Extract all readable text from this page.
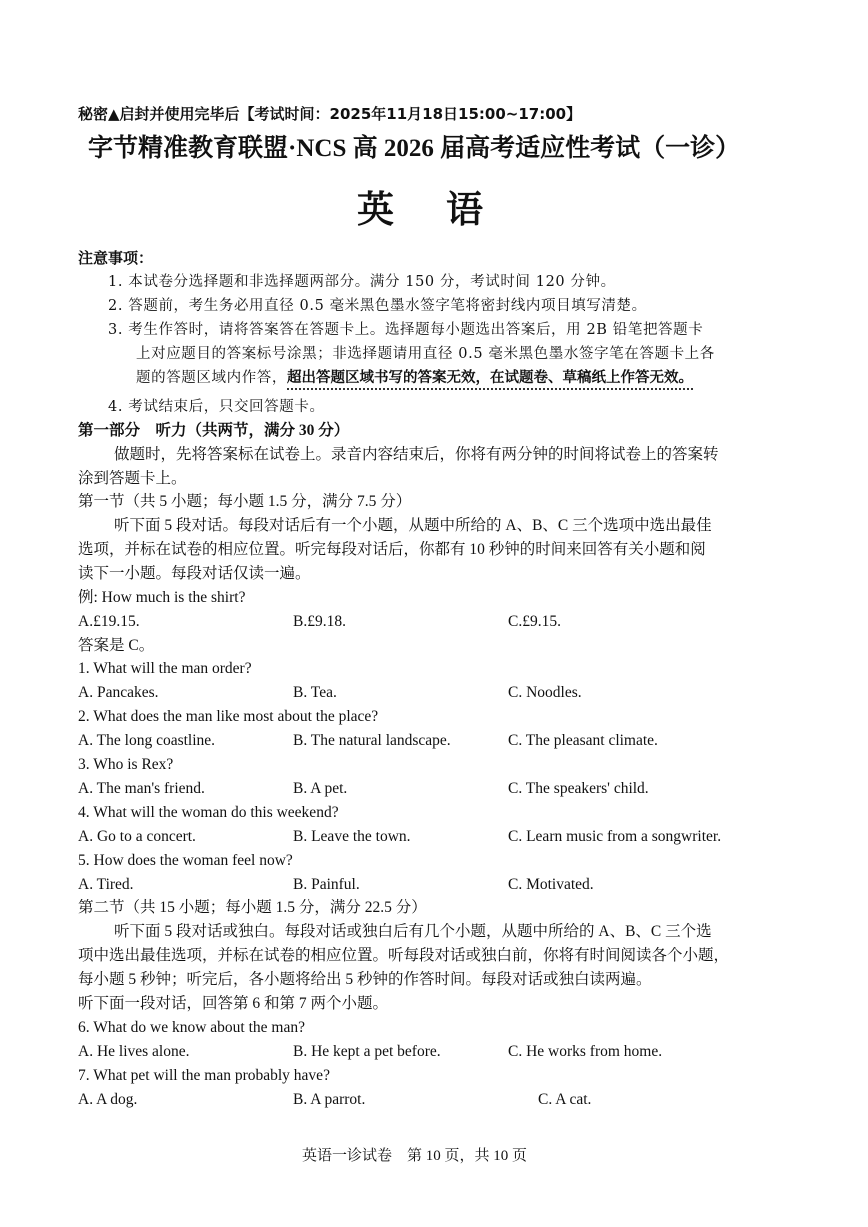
秘密▲启封并使用完毕后【考试时间：2025年11月18日15:00~17:00】
字节精准教育联盟·NCS 高 2026 届高考适应性考试（一诊）
英语
注意事项：
1. 本试卷分选择题和非选择题两部分。满分 150 分，考试时间 120 分钟。
2. 答题前，考生务必用直径 0.5 毫米黑色墨水签字笔将密封线内项目填写清楚。
3. 考生作答时，请将答案答在答题卡上。选择题每小题选出答案后，用 2B 铅笔把答题卡
上对应题目的答案标号涂黑；非选择题请用直径 0.5 毫米黑色墨水签字笔在答题卡上各
题的答题区域内作答，超出答题区域书写的答案无效，在试题卷、草稿纸上作答无效。
4. 考试结束后，只交回答题卡。
第一部分　听力（共两节，满分 30 分）
做题时，先将答案标在试卷上。录音内容结束后，你将有两分钟的时间将试卷上的答案转
涂到答题卡上。
第一节（共 5 小题；每小题 1.5 分，满分 7.5 分）
听下面 5 段对话。每段对话后有一个小题，从题中所给的 A、B、C 三个选项中选出最佳
选项，并标在试卷的相应位置。听完每段对话后，你都有 10 秒钟的时间来回答有关小题和阅
读下一小题。每段对话仅读一遍。
例: How much is the shirt?
A.£19.15.	B.£9.18.	C.£9.15.
答案是 C。
1. What will the man order?
A. Pancakes.	B. Tea.	C. Noodles.
2. What does the man like most about the place?
A. The long coastline.	B. The natural landscape.	C. The pleasant climate.
3. Who is Rex?
A. The man's friend.	B. A pet.	C. The speakers' child.
4. What will the woman do this weekend?
A. Go to a concert.	B. Leave the town.	C. Learn music from a songwriter.
5. How does the woman feel now?
A. Tired.	B. Painful.	C. Motivated.
第二节（共 15 小题；每小题 1.5 分，满分 22.5 分）
听下面 5 段对话或独白。每段对话或独白后有几个小题，从题中所给的 A、B、C 三个选
项中选出最佳选项，并标在试卷的相应位置。听每段对话或独白前，你将有时间阅读各个小题，
每小题 5 秒钟；听完后，各小题将给出 5 秒钟的作答时间。每段对话或独白读两遍。
听下面一段对话，回答第 6 和第 7 两个小题。
6. What do we know about the man?
A. He lives alone.	B. He kept a pet before.	C. He works from home.
7. What pet will the man probably have?
A. A dog.	B. A parrot.	C. A cat.
英语一诊试卷　第 10 页，共 10 页
